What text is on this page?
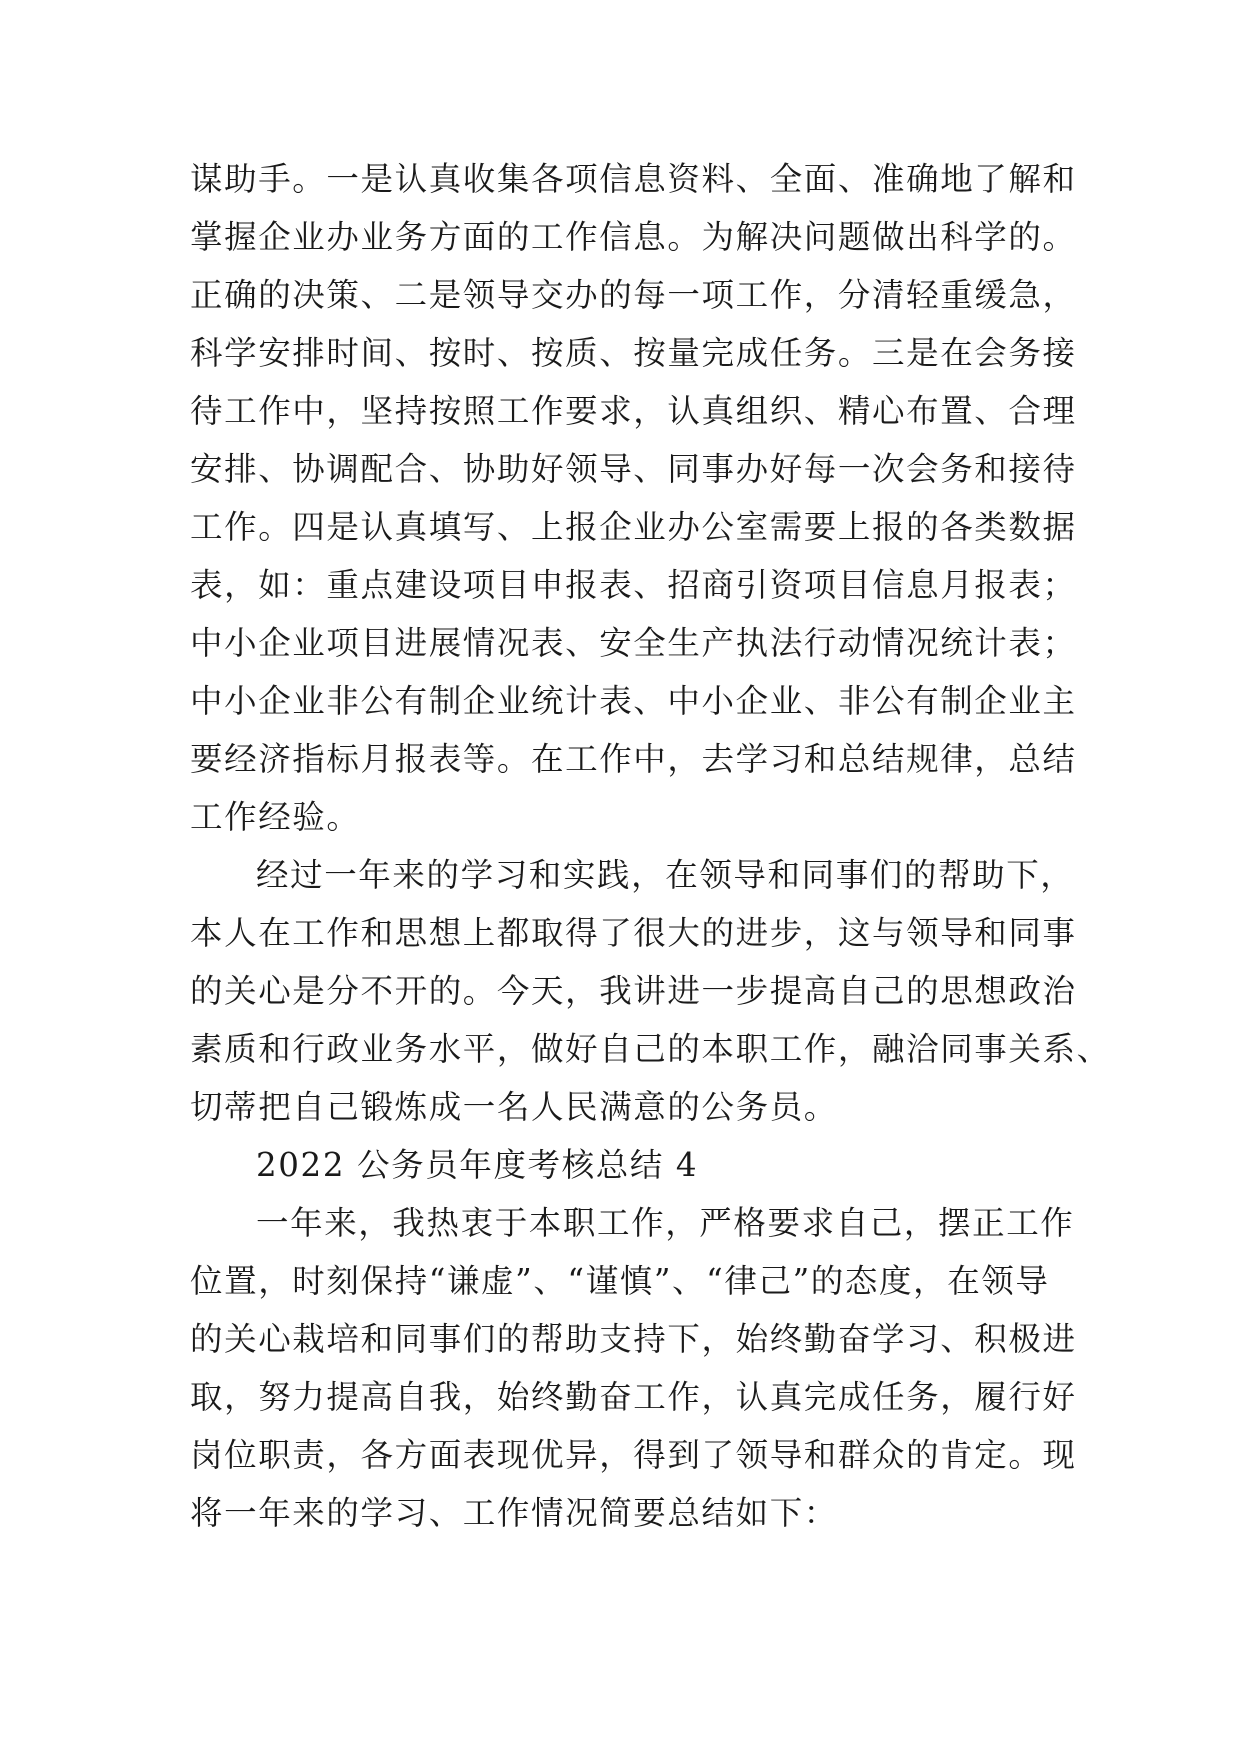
谋助手。一是认真收集各项信息资料、全面、准确地了解和
掌握企业办业务方面的工作信息。为解决问题做出科学的。
正确的决策、二是领导交办的每一项工作，分清轻重缓急，
科学安排时间、按时、按质、按量完成任务。三是在会务接
待工作中，坚持按照工作要求，认真组织、精心布置、合理
安排、协调配合、协助好领导、同事办好每一次会务和接待
工作。四是认真填写、上报企业办公室需要上报的各类数据
表，如：重点建设项目申报表、招商引资项目信息月报表；
中小企业项目进展情况表、安全生产执法行动情况统计表；
中小企业非公有制企业统计表、中小企业、非公有制企业主
要经济指标月报表等。在工作中，去学习和总结规律，总结
工作经验。
经过一年来的学习和实践，在领导和同事们的帮助下，
本人在工作和思想上都取得了很大的进步，这与领导和同事
的关心是分不开的。今天，我讲进一步提高自己的思想政治
素质和行政业务水平，做好自己的本职工作，融洽同事关系、
切蒂把自己锻炼成一名人民满意的公务员。
2022 公务员年度考核总结 4
一年来，我热衷于本职工作，严格要求自己，摆正工作
位置，时刻保持“谦虚”、“谨慎”、“律己”的态度，在领导
的关心栽培和同事们的帮助支持下，始终勤奋学习、积极进
取，努力提高自我，始终勤奋工作，认真完成任务，履行好
岗位职责，各方面表现优异，得到了领导和群众的肯定。现
将一年来的学习、工作情况简要总结如下：
